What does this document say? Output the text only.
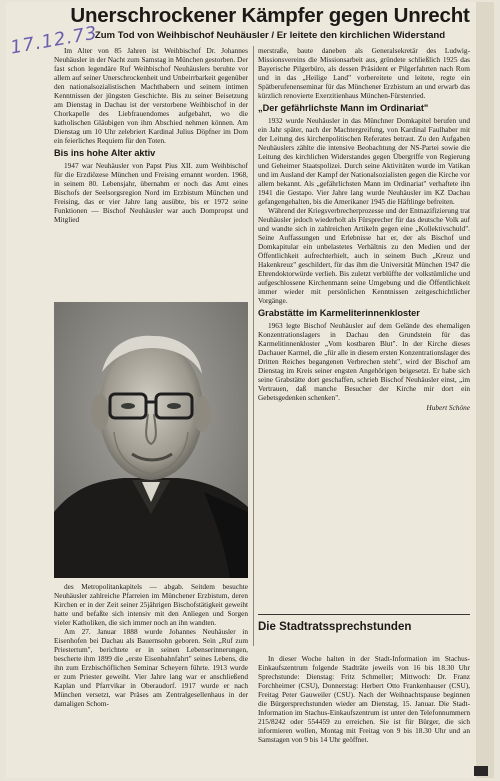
Unerschrockener Kämpfer gegen Unrecht
Zum Tod von Weihbischof Neuhäusler / Er leitete den kirchlichen Widerstand
17.12.73

Im Alter von 85 Jahren ist Weihbischof Dr. Johannes Neuhäusler in der Nacht zum Samstag in München gestorben. Der fast schon legendäre Ruf Weihbischof Neuhäuslers beruhte vor allem auf seiner Unerschrockenheit und Unbeirrbarkeit gegenüber den nationalsozialistischen Machthabern und seinem intimen Kenntnissen der jüngsten Geschichte. Bis zu seiner Beisetzung am Dienstag in Dachau ist der verstorbene Weihbischof in der Chorkapelle des Liebfrauendomes aufgebahrt, wo die katholischen Gläubigen von ihm Abschied nehmen können. Am Dienstag um 10 Uhr zelebriert Kardinal Julius Döpfner im Dom ein feierliches Requiem für den Toten.

Bis ins hohe Alter aktiv

1947 war Neuhäusler von Papst Pius XII. zum Weihbischof für die Erzdiözese München und Freising ernannt worden. 1968, in seinem 80. Lebensjahr, übernahm er noch das Amt eines Bischofs der Seelsorgsregion Nord im Erzbistum München und Freising, das er vier Jahre lang ausübte, bis er 1972 seine Funktionen — Bischof Neuhäusler war auch Dompropst und Mitglied

des Metropolitankapitels — abgab. Seitdem besuchte Neuhäusler zahlreiche Pfarreien im Münchener Erzbistum, deren Kirchen er in der Zeit seiner 25jährigen Bischofstätigkeit geweiht hatte und befaßte sich intensiv mit den Anliegen und Sorgen vieler Katholiken, die sich immer noch an ihn wandten.

Am 27. Januar 1888 wurde Johannes Neuhäusler in Eisenhofen bei Dachau als Bauernsohn geboren. Sein „Ruf zum Priestertum", berichtete er in seinen Lebenserinnerungen, bescherte ihm 1899 die „erste Eisenbahnfahrt" seines Lebens, die ihn zum Erzbischöflichen Seminar Scheyern führte. 1913 wurde er zum Priester geweiht. Vier Jahre lang war er anschließend Kaplan und Pfarrvikar in Oberaudorf. 1917 wurde er nach München versetzt, war Präses am Zentralgesellenhaus in der damaligen Schom-

merstraße, baute daneben als Generalsekretär des Ludwig-Missionsvereins die Missionsarbeit aus, gründete schließlich 1925 das Bayerische Pilgerbüro, als dessen Präsident er Pilgerfahrten nach Rom und in das „Heilige Land" vorbereitete und leitete, regte ein Spätberufenenseminar für das Münchener Erzbistum an und erwarb das kürzlich renovierte Exerzitienhaus München-Fürstenried.

„Der gefährlichste Mann im Ordinariat"

1932 wurde Neuhäusler in das Münchner Domkapitel berufen und ein Jahr später, nach der Machtergreifung, von Kardinal Faulhaber mit der Leitung des kirchenpolitischen Referates betraut. Zu den Aufgaben Neuhäuslers zählte die intensive Beobachtung der NS-Partei sowie die Leitung des kirchlichen Widerstandes gegen Übergriffe von Regierung und Geheimer Staatspolizei. Durch seine Aktivitäten wurde im Vatikan und im Ausland der Kampf der Nationalsozialisten gegen die Kirche vor allem bekannt. Als „gefährlichsten Mann im Ordinariat" verhaftete ihn 1941 die Gestapo. Vier Jahre lang wurde Neuhäusler im KZ Dachau gefangengehalten, bis die Amerikaner 1945 die Häftlinge befreiten.

Während der Kriegsverbrecherprozesse und der Entnazifizierung trat Neuhäusler jedoch wiederholt als Fürsprecher für das deutsche Volk auf und wandte sich in zahlreichen Artikeln gegen eine „Kollektivschuld". Seine Auffassungen und Erlebnisse hat er, der als Bischof und Domkapitular ein unbelastetes Verhältnis zu den Medien und der Öffentlichkeit aufrechterhielt, auch in seinem Buch „Kreuz und Hakenkreuz" geschildert, für das ihm die Universität München 1947 die Ehrendoktorwürde verlieh. Bis zuletzt verblüffte der volkstümliche und aufgeschlossene Kirchenmann seine Umgebung und die Öffentlichkeit immer wieder mit persönlichen Kenntnissen zeitgeschichtlicher Vorgänge.

Grabstätte im Karmeliterinnenkloster

1963 legte Bischof Neuhäusler auf dem Gelände des ehemaligen Konzentrationslagers in Dachau den Grundstein für das Karmelitinnenkloster „Vom kostbaren Blut". In der Kirche dieses Dachauer Karmel, die „für alle in diesem ersten Konzentrationslager des Dritten Reiches begangenen Verbrechen steht", wird der Bischof am Dienstag im Kreis seiner engsten Angehörigen beigesetzt. Er habe sich seine Grabstätte dort geschaffen, schrieb Bischof Neuhäusler einst, „im Vertrauen, daß manche Besucher der Kirche mir dort ein Gebetsgedenken schenken".

Hubert Schöne
Die Stadtratssprechstunden

In dieser Woche halten in der Stadt-Information im Stachus-Einkaufszentrum folgende Stadträte jeweils von 16 bis 18.30 Uhr Sprechstunde: Dienstag: Fritz Schmeller; Mittwoch: Dr. Franz Forchheimer (CSU), Donnerstag: Herbert Otto Frankenhauser (CSU), Freitag Peter Gauweiler (CSU). Nach der Weihnachtspause beginnen die Bürgersprechstunden wieder am Dienstag, 15. Januar. Die Stadt-Information im Stachus-Einkaufszentrum ist unter den Telefonnummern 215/8242 oder 554459 zu erreichen. Sie ist für Bürger, die sich informieren wollen, Montag mit Freitag von 9 bis 18.30 Uhr und an Samstagen von 9 bis 14 Uhr geöffnet.
